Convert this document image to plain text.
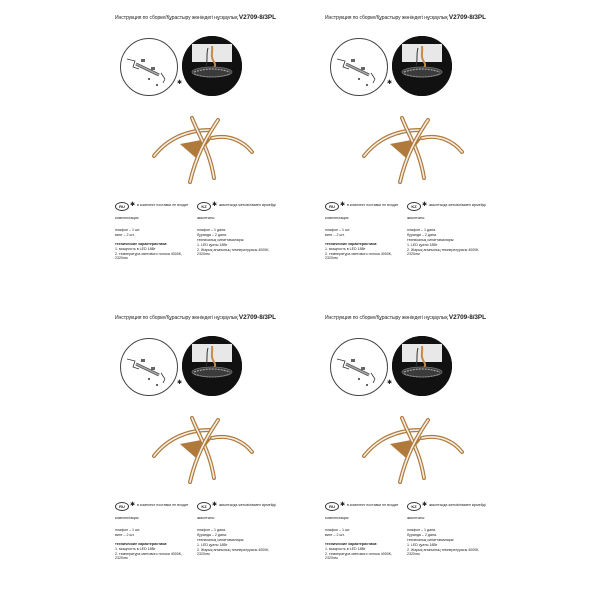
Инструкция по сборке/Құрастыру жөніндегі нұсқаулық V2709-8/3PL
✱
RU ✱ в комплект поставки не входит	KZ ✱ жиынтыққа жеткізіліммен кірмейді
комплектация:	жиынтығы:
плафон – 1 шт.
винт – 2 шт.
плафон – 1 дана.
бұранда – 2 дана.
технические характеристики:
1. мощность в LED 18Вт
2. температура светового потока 4000К,
2320лм
техникалық сипаттамалары:
1. LED қуаты 18Вт
2. Жарық ағынының температурасы 4000К,
2320лм
Инструкция по сборке/Құрастыру жөніндегі нұсқаулық V2709-8/3PL
✱
RU ✱ в комплект поставки не входит	KZ ✱ жиынтыққа жеткізіліммен кірмейді
комплектация:	жиынтығы:
плафон – 1 шт.
винт – 2 шт.
плафон – 1 дана.
бұранда – 2 дана.
технические характеристики:
1. мощность в LED 18Вт
2. температура светового потока 4000К,
2320лм
техникалық сипаттамалары:
1. LED қуаты 18Вт
2. Жарық ағынының температурасы 4000К,
2320лм
Инструкция по сборке/Құрастыру жөніндегі нұсқаулық V2709-8/3PL
✱
RU ✱ в комплект поставки не входит	KZ ✱ жиынтыққа жеткізіліммен кірмейді
комплектация:	жиынтығы:
плафон – 1 шт.
винт – 2 шт.
плафон – 1 дана.
бұранда – 2 дана.
технические характеристики:
1. мощность в LED 18Вт
2. температура светового потока 4000К,
2320лм
техникалық сипаттамалары:
1. LED қуаты 18Вт
2. Жарық ағынының температурасы 4000К,
2320лм
Инструкция по сборке/Құрастыру жөніндегі нұсқаулық V2709-8/3PL
✱
RU ✱ в комплект поставки не входит	KZ ✱ жиынтыққа жеткізіліммен кірмейді
комплектация:	жиынтығы:
плафон – 1 шт.
винт – 2 шт.
плафон – 1 дана.
бұранда – 2 дана.
технические характеристики:
1. мощность в LED 18Вт
2. температура светового потока 4000К,
2320лм
техникалық сипаттамалары:
1. LED қуаты 18Вт
2. Жарық ағынының температурасы 4000К,
2320лм
